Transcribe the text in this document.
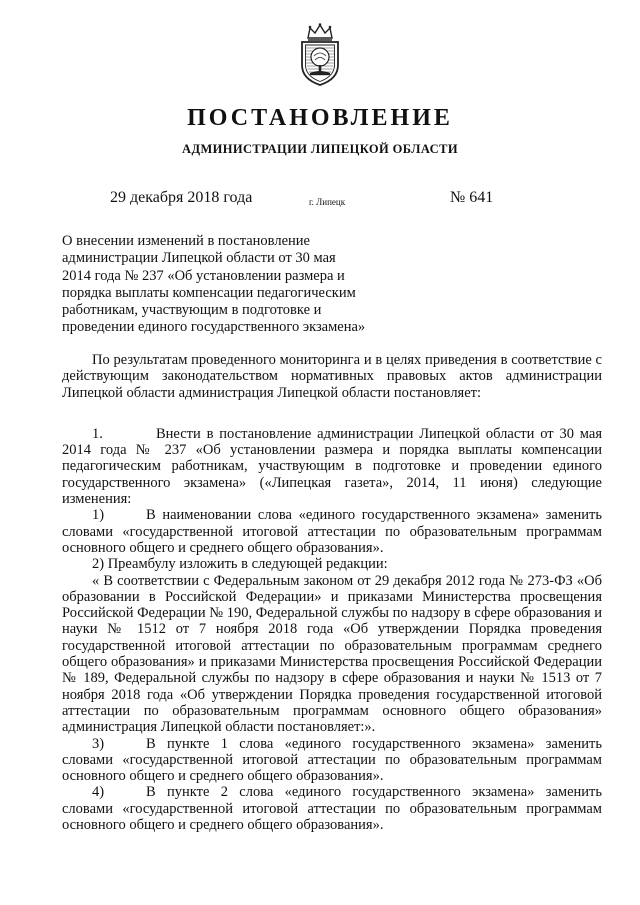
ПОСТАНОВЛЕНИЕ
АДМИНИСТРАЦИИ ЛИПЕЦКОЙ ОБЛАСТИ
29 декабря 2018 года	г. Липецк	№ 641
О внесении изменений в постановление
администрации Липецкой области от 30 мая
2014 года № 237 «Об установлении размера и
порядка выплаты компенсации педагогическим
работникам, участвующим в подготовке и
проведении единого государственного экзамена»
По результатам проведенного мониторинга и в целях приведения в соответствие с действующим законодательством нормативных правовых актов администрации Липецкой области администрация Липецкой области постановляет:
1.	Внести в постановление администрации Липецкой области от 30 мая 2014 года № 237 «Об установлении размера и порядка выплаты компенсации педагогическим работникам, участвующим в подготовке и проведении единого государственного экзамена» («Липецкая газета», 2014, 11 июня) следующие изменения:
1)	В наименовании слова «единого государственного экзамена» заменить словами «государственной итоговой аттестации по образовательным программам основного общего и среднего общего образования».
2) Преамбулу изложить в следующей редакции:
« В соответствии с Федеральным законом от 29 декабря 2012 года № 273-ФЗ «Об образовании в Российской Федерации» и приказами Министерства просвещения Российской Федерации № 190, Федеральной службы по надзору в сфере образования и науки № 1512 от 7 ноября 2018 года «Об утверждении Порядка проведения государственной итоговой аттестации по образовательным программам среднего общего образования» и приказами Министерства просвещения Российской Федерации № 189, Федеральной службы по надзору в сфере образования и науки № 1513 от 7 ноября 2018 года «Об утверждении Порядка проведения государственной итоговой аттестации по образовательным программам основного общего образования» администрация Липецкой области постановляет:».
3)	В пункте 1 слова «единого государственного экзамена» заменить словами «государственной итоговой аттестации по образовательным программам основного общего и среднего общего образования».
4)	В пункте 2 слова «единого государственного экзамена» заменить словами «государственной итоговой аттестации по образовательным программам основного общего и среднего общего образования».
